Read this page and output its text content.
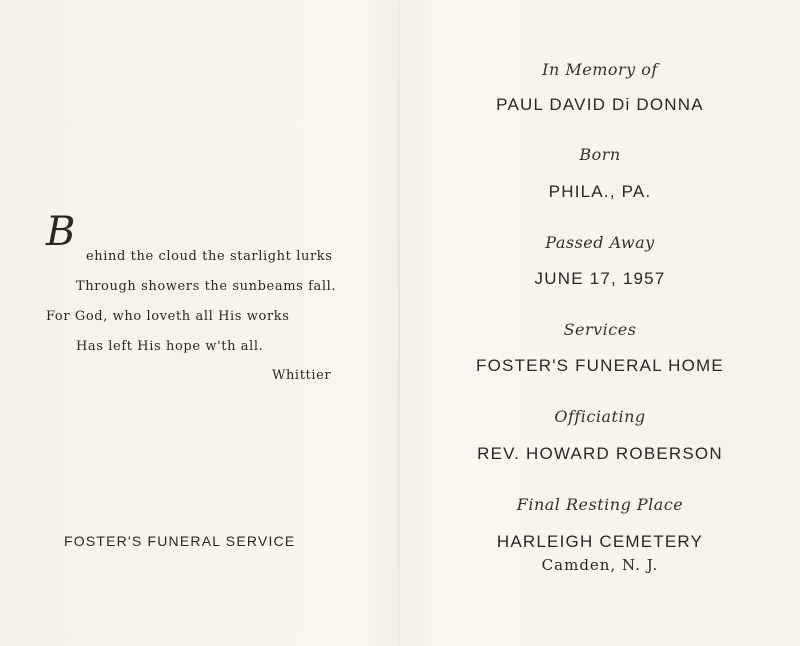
B
ehind the cloud the starlight lurks
Through showers the sunbeams fall.
For God, who loveth all His works
Has left His hope w'th all.
Whittier
FOSTER'S FUNERAL SERVICE
In Memory of
PAUL DAVID Di DONNA
Born
PHILA., PA.
Passed Away
JUNE 17, 1957
Services
FOSTER'S FUNERAL HOME
Officiating
REV. HOWARD ROBERSON
Final Resting Place
HARLEIGH CEMETERY
Camden, N. J.
